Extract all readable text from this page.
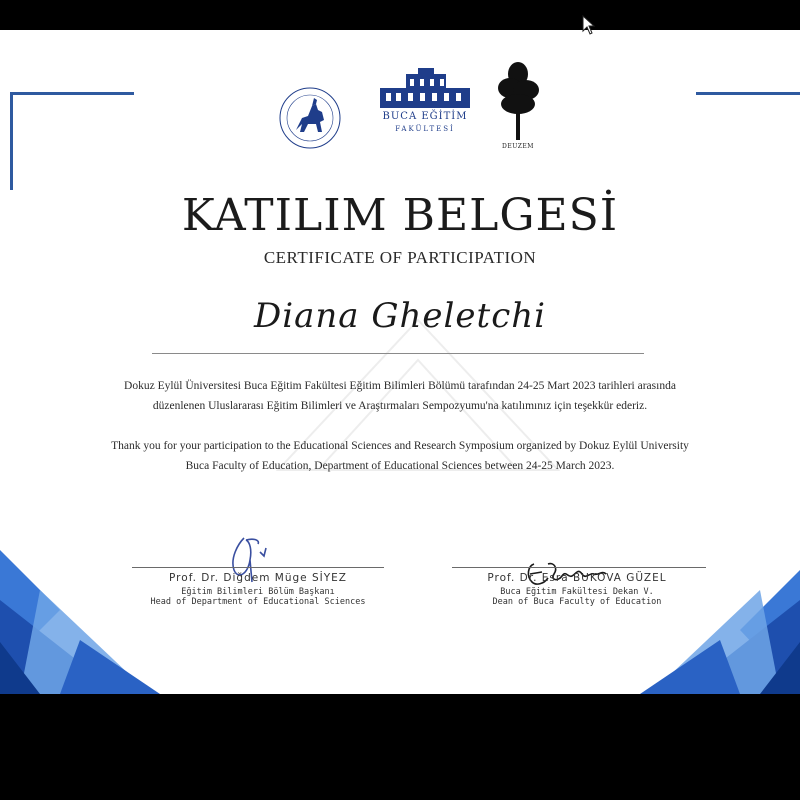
BUCA EĞİTİM
FAKÜLTESİ
DEUZEM
KATILIM BELGESİ
CERTIFICATE OF PARTICIPATION
Diana Gheletchi
Dokuz Eylül Üniversitesi Buca Eğitim Fakültesi Eğitim Bilimleri Bölümü tarafından 24-25 Mart 2023 tarihleri arasında
düzenlenen Uluslararası Eğitim Bilimleri ve Araştırmaları Sempozyumu'na katılımınız için teşekkür ederiz.
Thank you for your participation to the Educational Sciences and Research Symposium organized by Dokuz Eylül University
Buca Faculty of Education, Department of Educational Sciences between 24-25 March 2023.
Prof. Dr. Diğdem Müge SİYEZ
Eğitim Bilimleri Bölüm Başkanı
Head of Department of Educational Sciences
Prof. Dr. Esra BUKOVA GÜZEL
Buca Eğitim Fakültesi Dekan V.
Dean of Buca Faculty of Education
